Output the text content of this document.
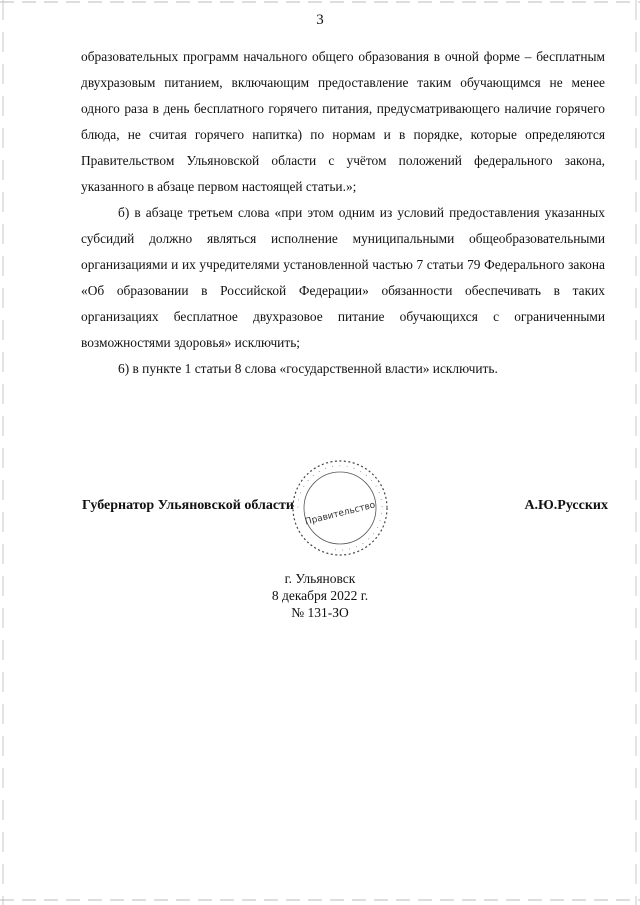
3

образовательных программ начального общего образования в очной форме – бесплатным двухразовым питанием, включающим предоставление таким обучающимся не менее одного раза в день бесплатного горячего питания, предусматривающего наличие горячего блюда, не считая горячего напитка) по нормам и в порядке, которые определяются Правительством Ульяновской области с учётом положений федерального закона, указанного в абзаце первом настоящей статьи.»;

б) в абзаце третьем слова «при этом одним из условий предоставления указанных субсидий должно являться исполнение муниципальными общеобразовательными организациями и их учредителями установленной частью 7 статьи 79 Федерального закона «Об образовании в Российской Федерации» обязанности обеспечивать в таких организациях бесплатное двухразовое питание обучающихся с ограниченными возможностями здоровья» исключить;

6) в пункте 1 статьи 8 слова «государственной власти» исключить.

Губернатор Ульяновской области	А.Ю.Русских
· · · · · · · · · · · · · · · · · · · · · · · · · · · · ·
Правительство
г. Ульяновск
8 декабря 2022 г.
№ 131-ЗО
